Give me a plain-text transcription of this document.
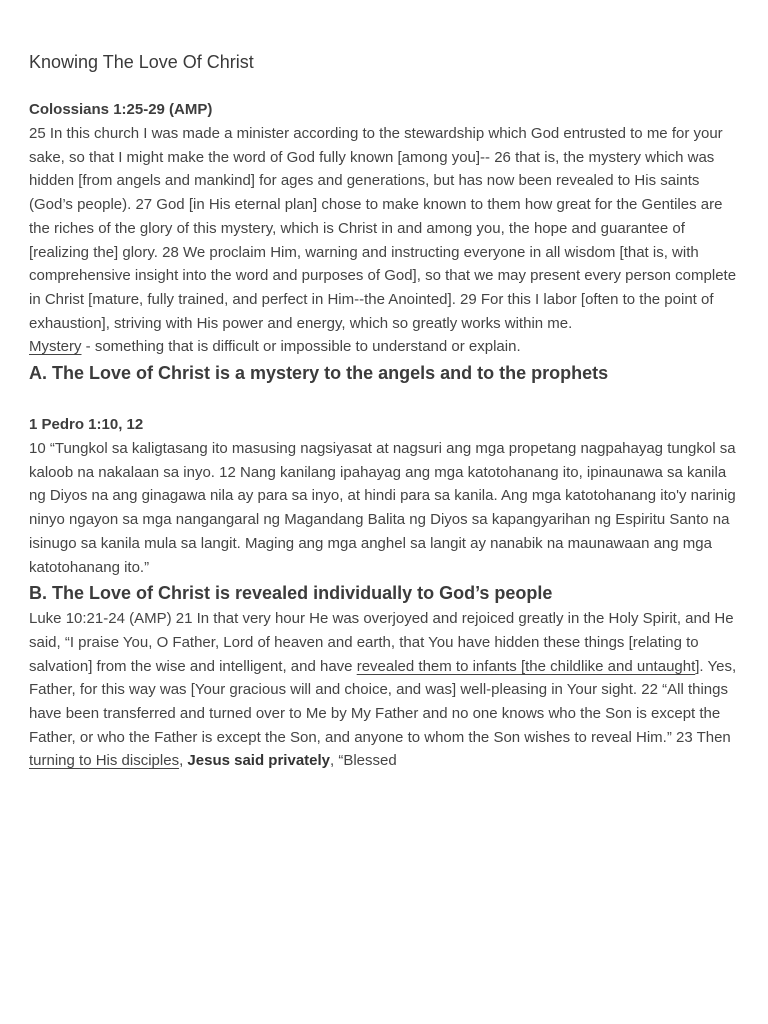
Knowing The Love Of Christ
Colossians 1:25-29 (AMP)

25 In this church I was made a minister according to the stewardship which God entrusted to me for your sake, so that I might make the word of God fully known [among you]-- 26 that is, the mystery which was hidden [from angels and mankind] for ages and generations, but has now been revealed to His saints (God’s people). 27 God [in His eternal plan] chose to make known to them how great for the Gentiles are the riches of the glory of this mystery, which is Christ in and among you, the hope and guarantee of [realizing the] glory. 28 We proclaim Him, warning and instructing everyone in all wisdom [that is, with comprehensive insight into the word and purposes of God], so that we may present every person complete in Christ [mature, fully trained, and perfect in Him--the Anointed]. 29 For this I labor [often to the point of exhaustion], striving with His power and energy, which so greatly works within me.

Mystery - something that is difficult or impossible to understand or explain.

A. The Love of Christ is a mystery to the angels and to the prophets
1 Pedro 1:10, 12

10 “Tungkol sa kaligtasang ito masusing nagsiyasat at nagsuri ang mga propetang nagpahayag tungkol sa kaloob na nakalaan sa inyo. 12 Nang kanilang ipahayag ang mga katotohanang ito, ipinaunawa sa kanila ng Diyos na ang ginagawa nila ay para sa inyo, at hindi para sa kanila. Ang mga katotohanang ito'y narinig ninyo ngayon sa mga nangangaral ng Magandang Balita ng Diyos sa kapangyarihan ng Espiritu Santo na isinugo sa kanila mula sa langit. Maging ang mga anghel sa langit ay nanabik na maunawaan ang mga katotohanang ito.”

B. The Love of Christ is revealed individually to God’s people

Luke 10:21-24 (AMP) 21 In that very hour He was overjoyed and rejoiced greatly in the Holy Spirit, and He said, “I praise You, O Father, Lord of heaven and earth, that You have hidden these things [relating to salvation] from the wise and intelligent, and have revealed them to infants [the childlike and untaught]. Yes, Father, for this way was [Your gracious will and choice, and was] well-pleasing in Your sight. 22 “All things have been transferred and turned over to Me by My Father and no one knows who the Son is except the Father, or who the Father is except the Son, and anyone to whom the Son wishes to reveal Him.” 23 Then turning to His disciples, Jesus said privately, “Blessed
